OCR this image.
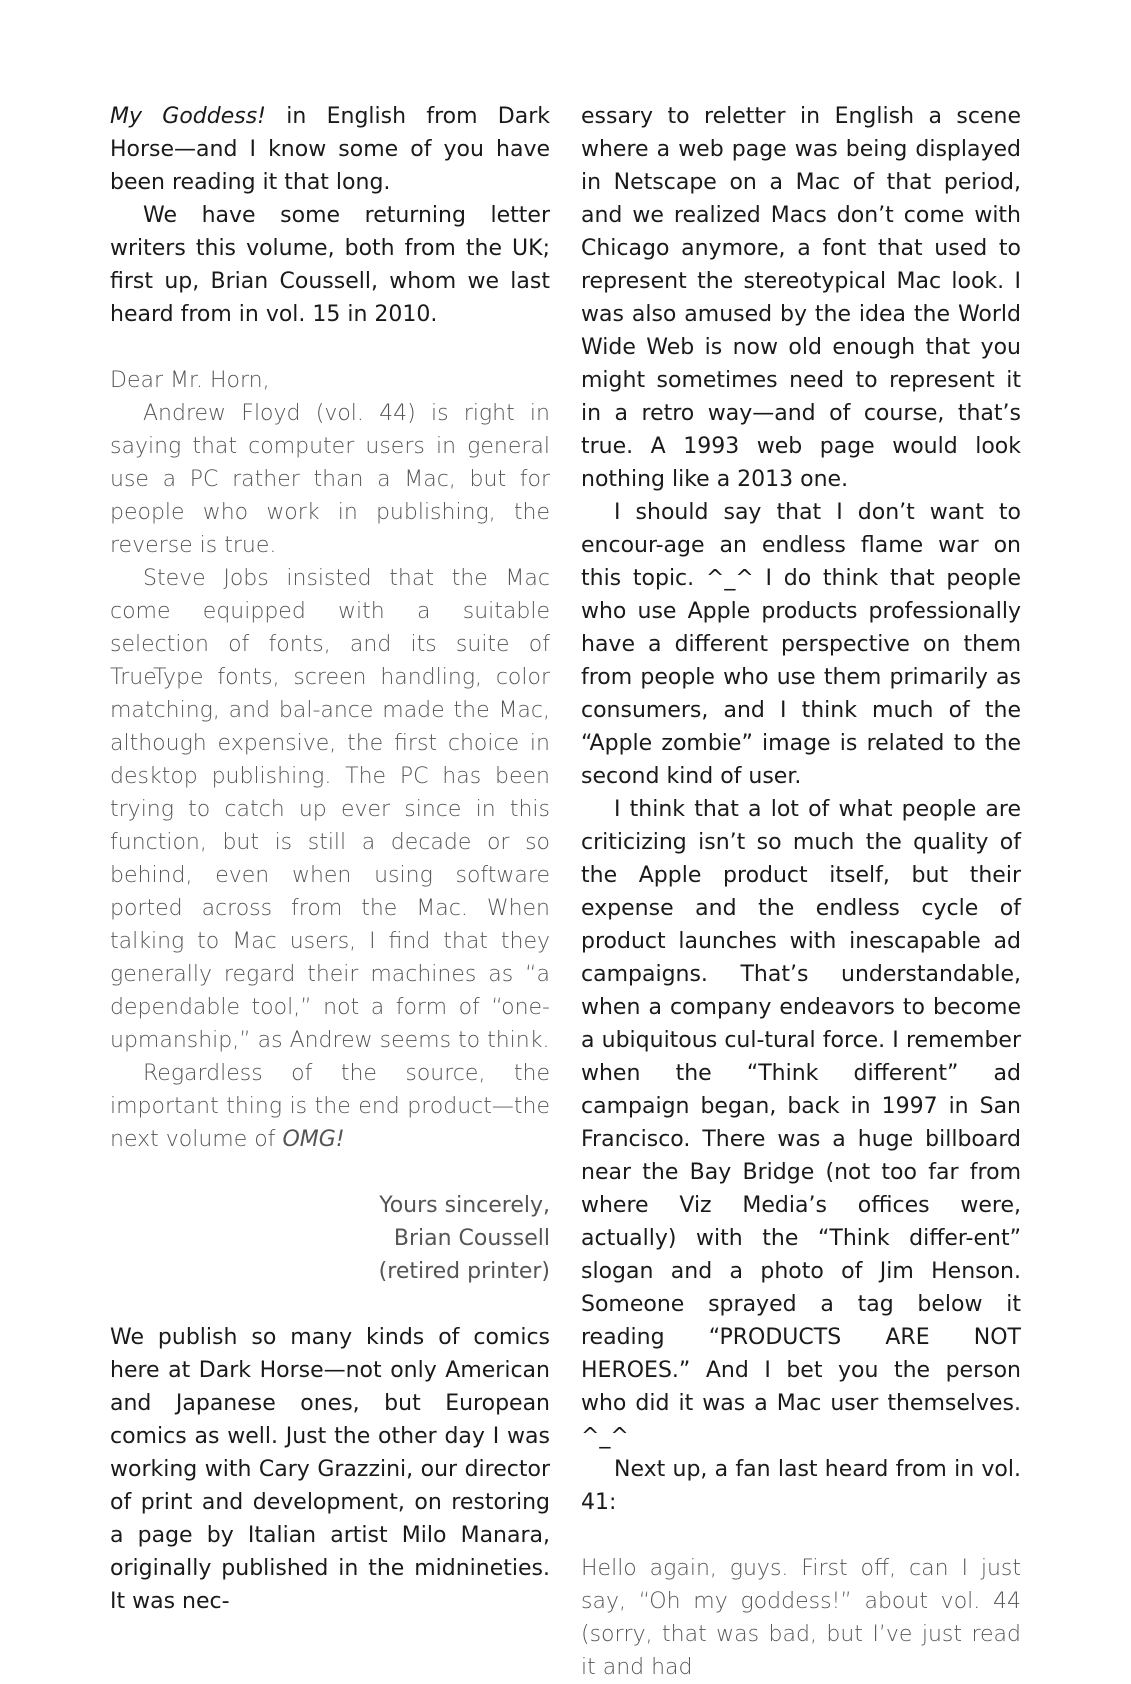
My Goddess! in English from Dark Horse—and I know some of you have been reading it that long.

We have some returning letter writers this volume, both from the UK; first up, Brian Coussell, whom we last heard from in vol. 15 in 2010.

Dear Mr. Horn,

Andrew Floyd (vol. 44) is right in saying that computer users in general use a PC rather than a Mac, but for people who work in publishing, the reverse is true.

Steve Jobs insisted that the Mac come equipped with a suitable selection of fonts, and its suite of TrueType fonts, screen handling, color matching, and bal-ance made the Mac, although expensive, the first choice in desktop publishing. The PC has been trying to catch up ever since in this function, but is still a decade or so behind, even when using software ported across from the Mac. When talking to Mac users, I find that they generally regard their machines as “a dependable tool,” not a form of “one-upmanship,” as Andrew seems to think.

Regardless of the source, the important thing is the end product—the next volume of OMG!

Yours sincerely,

Brian Coussell

(retired printer)

We publish so many kinds of comics here at Dark Horse—not only American and Japanese ones, but European comics as well. Just the other day I was working with Cary Grazzini, our director of print and development, on restoring a page by Italian artist Milo Manara, originally published in the midnineties. It was nec-

essary to reletter in English a scene where a web page was being displayed in Netscape on a Mac of that period, and we realized Macs don’t come with Chicago anymore, a font that used to represent the stereotypical Mac look. I was also amused by the idea the World Wide Web is now old enough that you might sometimes need to represent it in a retro way—and of course, that’s true. A 1993 web page would look nothing like a 2013 one.

I should say that I don’t want to encour-age an endless flame war on this topic. ^_^ I do think that people who use Apple products professionally have a different perspective on them from people who use them primarily as consumers, and I think much of the “Apple zombie” image is related to the second kind of user.

I think that a lot of what people are criticizing isn’t so much the quality of the Apple product itself, but their expense and the endless cycle of product launches with inescapable ad campaigns. That’s understandable, when a company endeavors to become a ubiquitous cul-tural force. I remember when the “Think different” ad campaign began, back in 1997 in San Francisco. There was a huge billboard near the Bay Bridge (not too far from where Viz Media’s offices were, actually) with the “Think differ-ent” slogan and a photo of Jim Henson. Someone sprayed a tag below it reading “PRODUCTS ARE NOT HEROES.” And I bet you the person who did it was a Mac user themselves. ^_^

Next up, a fan last heard from in vol. 41:

Hello again, guys. First off, can I just say, “Oh my goddess!” about vol. 44 (sorry, that was bad, but I’ve just read it and had
